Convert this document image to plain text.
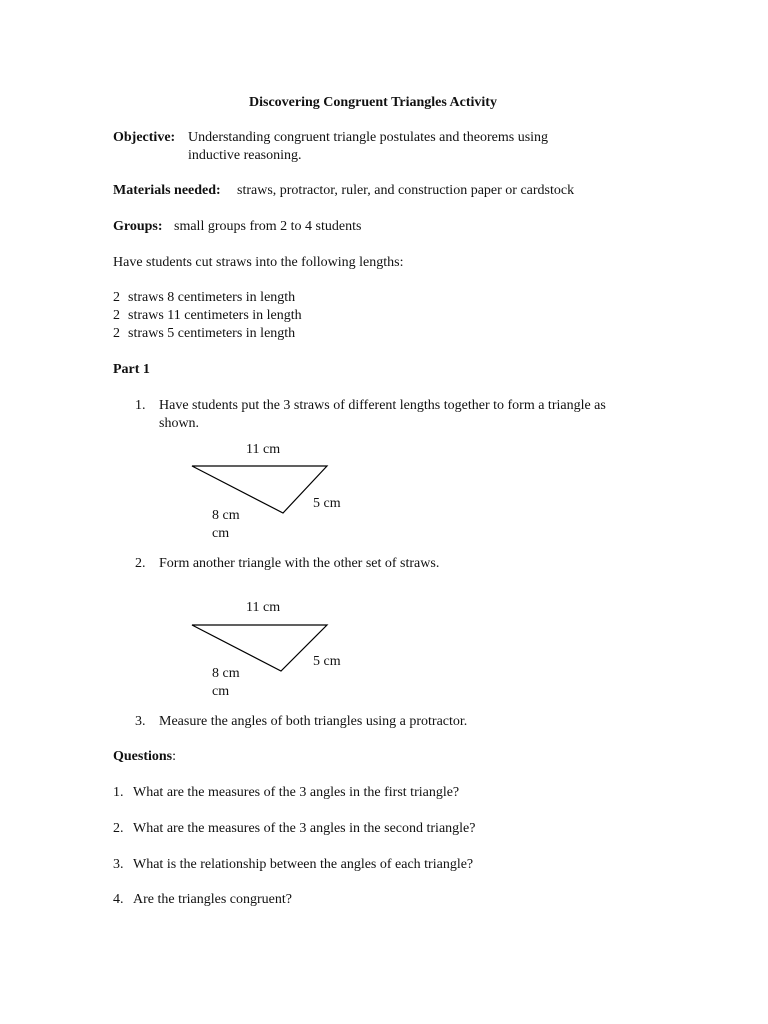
Discovering Congruent Triangles Activity
Objective: Understanding congruent triangle postulates and theorems using
inductive reasoning.
Materials needed: straws, protractor, ruler, and construction paper or cardstock
Groups: small groups from 2 to 4 students
Have students cut straws into the following lengths:
2 straws 8 centimeters in length
2 straws 11 centimeters in length
2 straws 5 centimeters in length
Part 1
1. Have students put the 3 straws of different lengths together to form a triangle as
shown.
11 cm
5 cm
8 cm
cm
2. Form another triangle with the other set of straws.
11 cm
5 cm
8 cm
cm
3. Measure the angles of both triangles using a protractor.
Questions:
1. What are the measures of the 3 angles in the first triangle?
2. What are the measures of the 3 angles in the second triangle?
3. What is the relationship between the angles of each triangle?
4. Are the triangles congruent?
